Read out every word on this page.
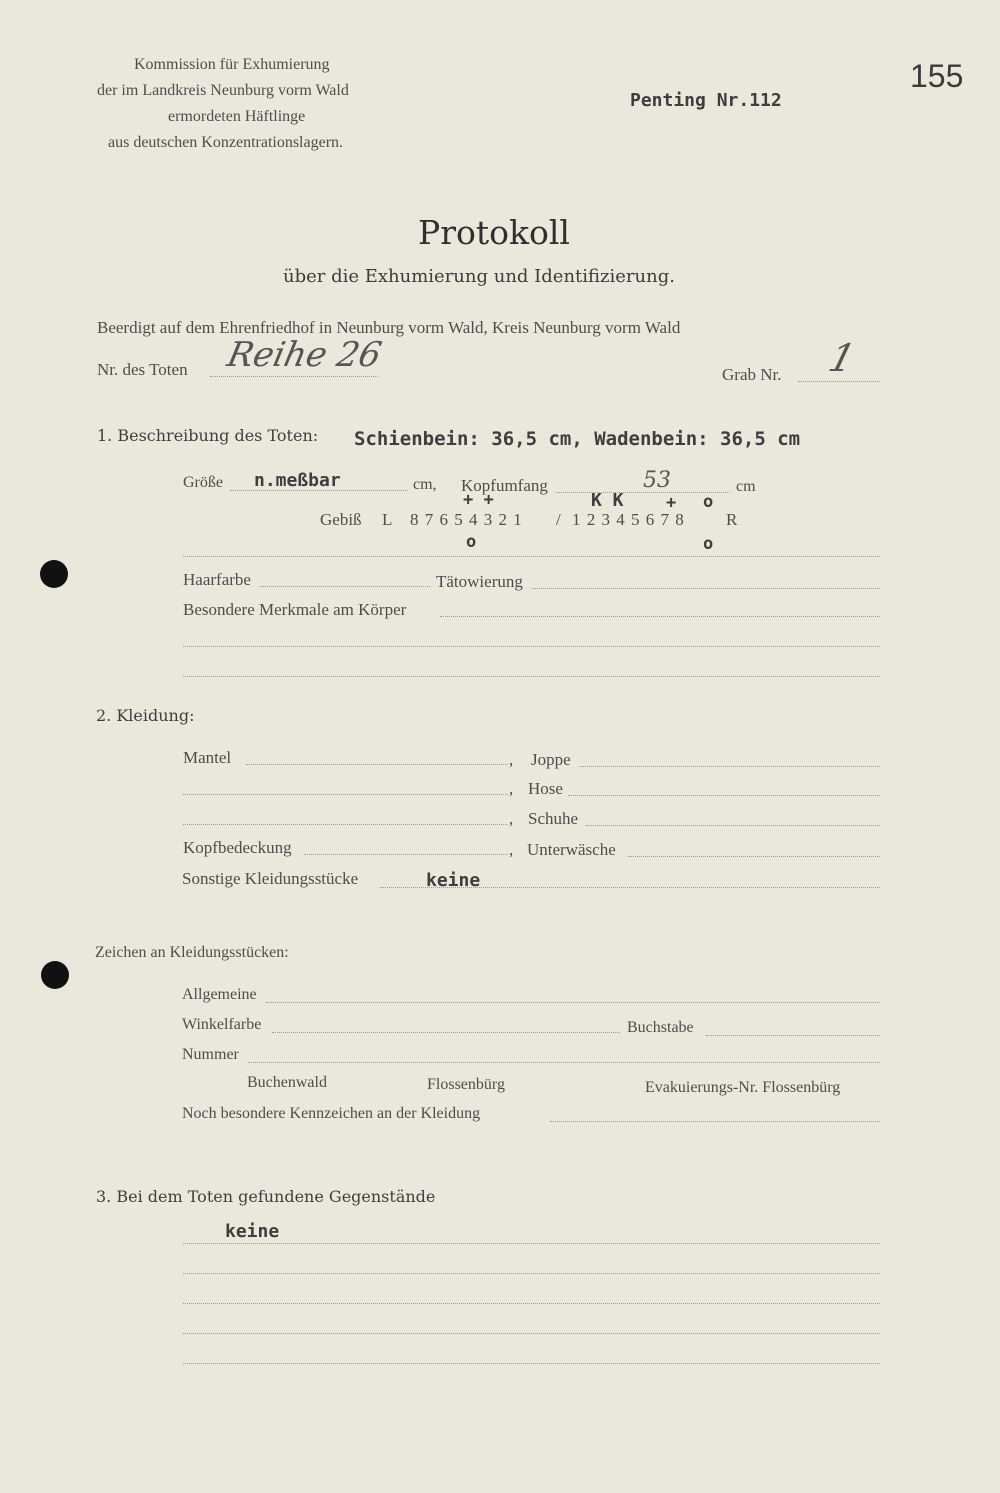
Kommission für Exhumierung
der im Landkreis Neunburg vorm Wald
ermordeten Häftlinge
aus deutschen Konzentrationslagern.
Penting Nr.112
155
Protokoll
über die Exhumierung und Identifizierung.
Beerdigt auf dem Ehrenfriedhof in Neunburg vorm Wald, Kreis Neunburg vorm Wald
Nr. des Toten Reihe 26	Grab Nr. 1
1. Beschreibung des Toten: Schienbein: 36,5 cm, Wadenbein: 36,5 cm
Größe n.meßbar	cm, Kopfumfang	53	cm
+ +	K K + o
Gebiß L 8 7 6 5 4 3 2 1 / 1 2 3 4 5 6 7 8 R
o	o
Haarfarbe	Tätowierung
Besondere Merkmale am Körper
2. Kleidung:
Mantel	, Joppe
, Hose
, Schuhe
Kopfbedeckung	, Unterwäsche
Sonstige Kleidungsstücke	keine
Zeichen an Kleidungsstücken:
Allgemeine
Winkelfarbe	Buchstabe
Nummer
Buchenwald	Flossenbürg	Evakuierungs-Nr. Flossenbürg
Noch besondere Kennzeichen an der Kleidung
3. Bei dem Toten gefundene Gegenstände
keine
